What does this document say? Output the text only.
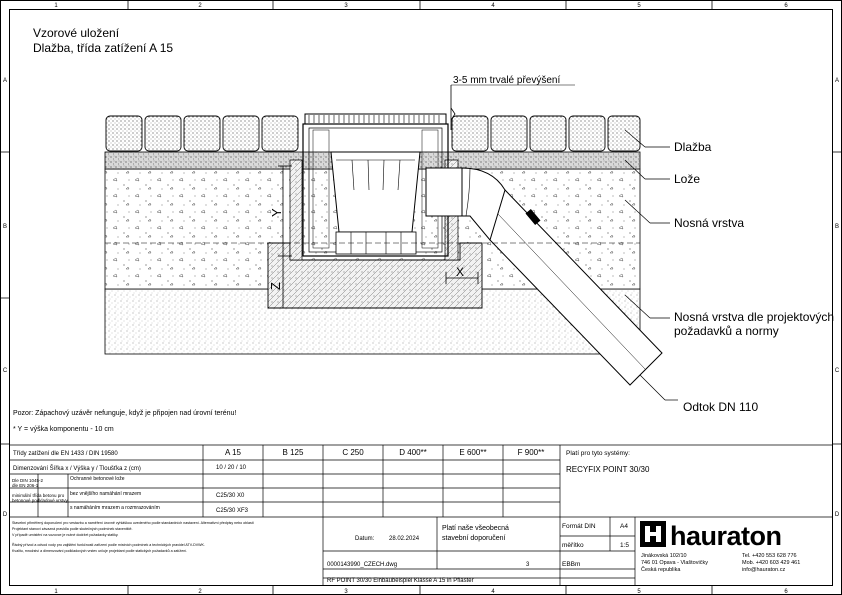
1	2	3	4	5	6
1	2	3	4	5	6
A
B
C
D
A
B
C
D
Vzorové uložení
Dlažba, třída zatížení A 15
Y
Z
X
3-5 mm trvalé převýšení
Dlažba
Lože
Nosná vrstva
Nosná vrstva dle projektových
požadavků a normy
Odtok DN 110
Pozor: Zápachový uzávěr nefunguje, když je připojen nad úrovní terénu!
* Y = výška komponentu - 10 cm
Třídy zatížení dle EN 1433 / DIN 19580	A 15	B 125	C 250	D 400**	E 600**	F 900**
Dimenzování Šířka x / Výška y / Tloušťka z (cm)	10 / 20 / 10
Dle DIN 1045-2
dle EN 206-1
Ochranné betonové lože
minimální třída betonu pro
betonové podkladové vrstvy
bez vnějšího namáhání mrazem	C25/30 X0
s namáháním mrazem a rozmrazováním	C25/30 XF3
Stavební přiměřený doporučení pro vestavbu a naměření úrovně vyhláškou uvedeného podle standardních nastavení. Alternativní předpisy nebo oblasti
Projektant stanoví závazná pravidla podle skutečných podmínek staveniště.
V případě umístění na vozovce je nutné dodržet požadavky statiky.
Řádný přívod a odvod vody pro zajištění funkčnosti zařízení podle místních podmínek a technických pravidel ATV-DVWK.
Kvalitu, množství a dimenzování podkladových vrstev určuje projektant podle statických požadavků a zatížení.
Platí pro tyto systémy:
RECYFIX POINT 30/30
Platí naše všeobecná
stavební doporučení
Datum: 28.02.2024
Formát DIN	A4
měřítko	1:5
0000143990_CZECH.dwg	3	EBBm
RF POINT 30/30 Einbaubeispiel Klasse A 15 in Pflaster
hauraton
Jinákovská 102/10
746 01 Opava - Vlaštovičky
Česká republika
Tel. +420 553 628 776
Mob. +420 603 429 461
info@hauraton.cz
